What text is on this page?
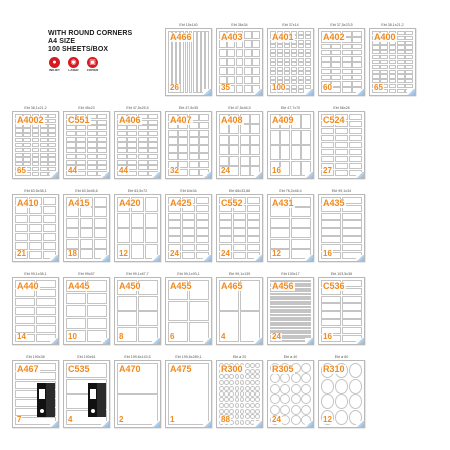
WITH ROUND CORNERS
A4 SIZE
100 SHEETS/BOX
●
INKJET
◉
LASER
▣
COPIER
Ebt 15x140
A466
26
Ebt 36x34
A403
35
Ebt 37x14
A401
100
Ebt 37,5x23,5
A402
60
Ebt 38,1x21,2
A400
65
Ebt 38,1x21,2
A4002
65
Ebt 45x23
C551
44
Ebt 47,5x25,5
A406
44
Ebt 47,5x35
A407
32
Ebt 47,5x46,5
A408
24
Ebt 47,7x70
A409
16
Ebt 56x28
C524
27
Ebt 63,5x38,1
A410
21
Ebt 63,5x46,6
A415
18
Ebt 63,5x72
A420
12
Ebt 64x34
A425
24
Ebt 66x33,86
C552
24
Ebt 76,2x46,4
A431
12
Ebt 99,1x34
A435
16
Ebt 99,1x38,1
A440
14
Ebt 99x57
A445
10
Ebt 99,1x67,7
A450
8
Ebt 99,1x93,1
A455
6
Ebt 99,1x139
A465
4
Ebt 100x17
A456
24
Ebt 103,5x36
C536
16
Ebt 190x38
A467
7
Ebt 190x61
C535
4
Ebt 199,6x143,5
A470
2
Ebt 199,6x289,1
A475
1
Ebt ø 20
R300
88
Ebt ø 40
R305
24
Ebt ø 60
R310
12
